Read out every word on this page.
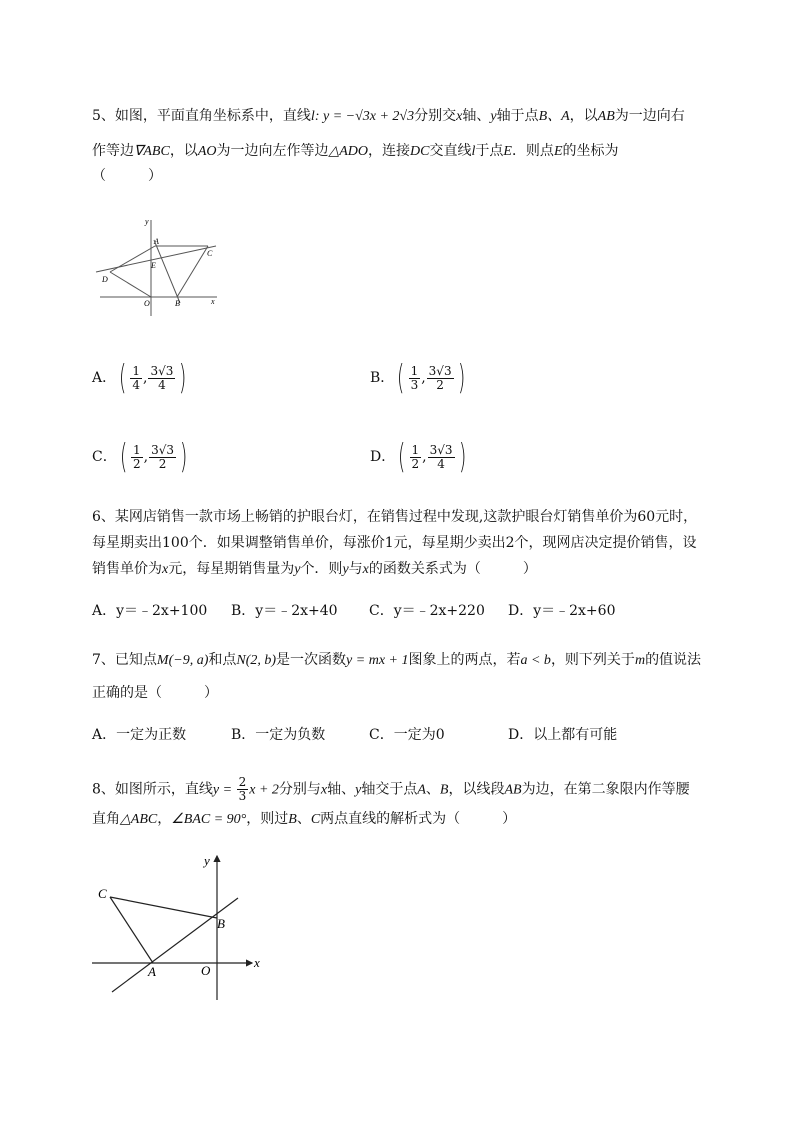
5、如图，平面直角坐标系中，直线l: y = −√3x + 2√3分别交x轴、y轴于点B、A，以AB为一边向右
作等边∇ABC，以AO为一边向左作等边△ADO，连接DC交直线l于点E．则点E的坐标为
（　　　）
y
A
C
E
D
O	B	x
A．( $\frac{1}{4}$ , $\frac{3√3}{4}$ )	B．( $\frac{1}{3}$ , $\frac{3√3}{2}$ )
C．( $\frac{1}{2}$ , $\frac{3√3}{2}$ )	D．( $\frac{1}{2}$ , $\frac{3√3}{4}$ )
6、某网店销售一款市场上畅销的护眼台灯，在销售过程中发现,这款护眼台灯销售单价为60元时，
每星期卖出100个．如果调整销售单价，每涨价1元，每星期少卖出2个，现网店决定提价销售，设
销售单价为x元，每星期销售量为y个．则y与x的函数关系式为（　　　）
A．y＝﹣2x+100 B．y＝﹣2x+40 C．y＝﹣2x+220 D．y＝﹣2x+60
7、已知点M(−9, a)和点N(2, b)是一次函数y = mx + 1图象上的两点，若a < b，则下列关于m的值说法
正确的是（　　　）
A．一定为正数	B．一定为负数	C．一定为0	D．以上都有可能
8、如图所示，直线$y = \frac{2}{3}$ x + 2分别与x轴、y轴交于点A、B，以线段AB为边，在第二象限内作等腰
直角△ABC，∠BAC = 90°，则过B、C两点直线的解析式为（　　　）
y
C
B
A	O
x
